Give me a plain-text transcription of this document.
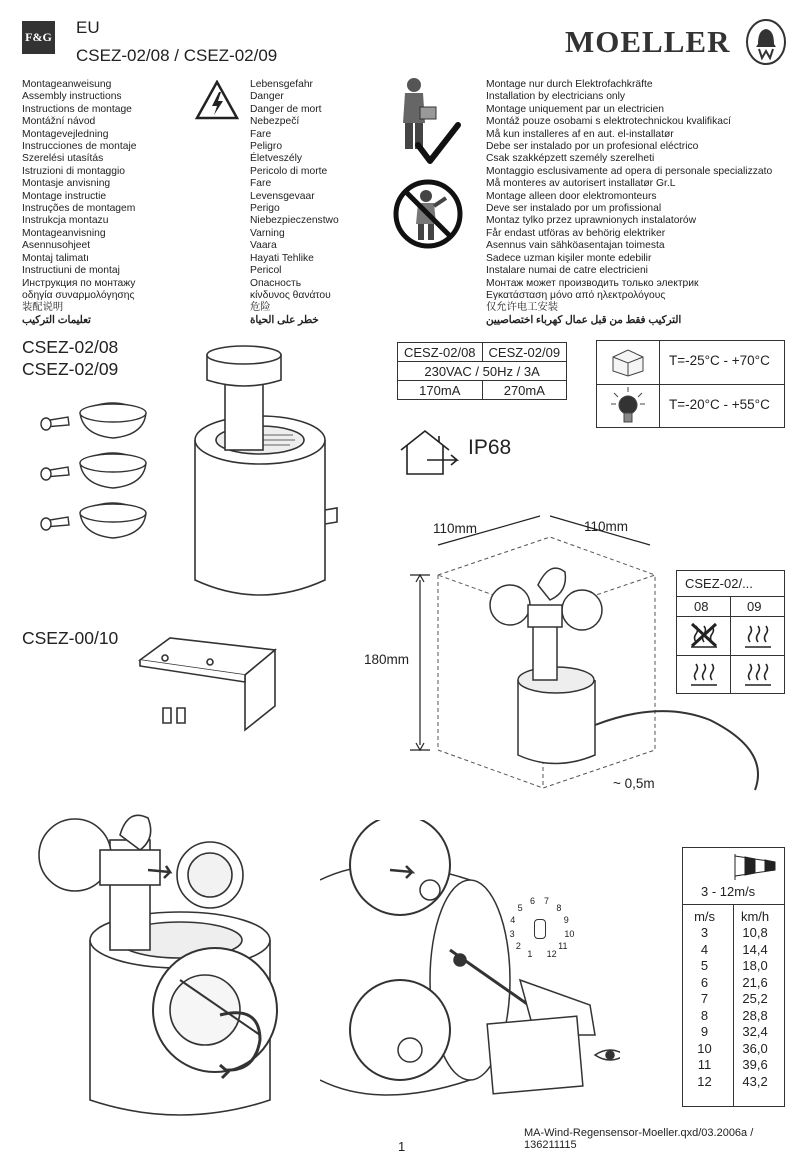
F&G EU
CSEZ-02/08 / CSEZ-02/09	MOELLER
Montageanweisung
Assembly instructions
Instructions de montage
Montážní návod
Montagevejledning
Instrucciones de montaje
Szerelési utasítás
Istruzioni di montaggio
Montasje anvisning
Montage instructie
Instruções de montagem
Instrukcja montazu
Montageanvisning
Asennusohjeet
Montaj talimatı
Instructiuni de montaj
Инструкция по монтажу
οδηγία συναρμολόγησης
装配说明
تعليمات التركيب
Lebensgefahr
Danger
Danger de mort
Nebezpečí
Fare
Peligro
Életveszély
Pericolo di morte
Fare
Levensgevaar
Perigo
Niebezpieczenstwo
Varning
Vaara
Hayati Tehlike
Pericol
Опасность
κίνδυνος θανάτου
危险
خطر على الحياة
Montage nur durch Elektrofachkräfte
Installation by electricians only
Montage uniquement par un electricien
Montáž pouze osobami s elektrotechnickou kvalifikací
Må kun installeres af en aut. el-installatør
Debe ser instalado por un profesional eléctrico
Csak szakképzett személy szerelheti
Montaggio esclusivamente ad opera di personale specializzato
Må monteres av autorisert installatør Gr.L
Montage alleen door elektromonteurs
Deve ser instalado por um profissional
Montaz tylko przez uprawnionych instalatorów
Får endast utföras av behörig elektriker
Asennus vain sähköasentajan toimesta
Sadece uzman kişiler monte edebilir
Instalare numai de catre electricieni
Монтаж может производить только электрик
Εγκατάσταση μόνο από ηλεκτρολόγους
仅允许电工安装
التركيب فقط من قبل عمال كهرباء اختصاصيين
CSEZ-02/08
CSEZ-02/09
CSEZ-00/10
CESZ-02/08	CESZ-02/09
230VAC / 50Hz / 3A	
170mA	270mA
T=-25°C - +70°C
T=-20°C - +55°C
IP68
110mm	110mm
180mm
~ 0,5m
CSEZ-02/...
08	09
1
2
3
4
5
6 7
8
9
10
11
12
3 - 12m/s
m/s	km/h
3	10,8
4	14,4
5	18,0
6	21,6
7	25,2
8	28,8
9	32,4
10	36,0
11	39,6
12	43,2
MA-Wind-Regensensor-Moeller.qxd/03.2006a / 136211115
1
